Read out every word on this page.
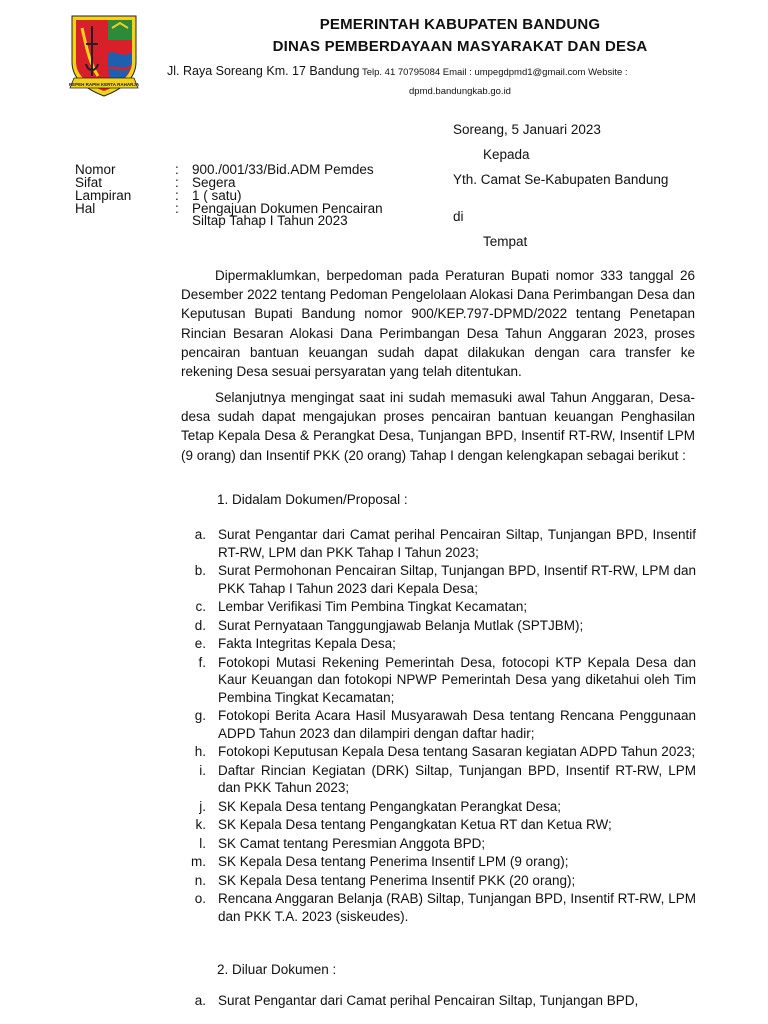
REPEH RAPIH KERTA RAHARJA
PEMERINTAH KABUPATEN BANDUNG
DINAS PEMBERDAYAAN MASYARAKAT DAN DESA
Jl. Raya Soreang Km. 17 Bandung Telp. 41 70795084 Email : umpegdpmd1@gmail.com Website :
dpmd.bandungkab.go.id
Soreang, 5 Januari 2023
Kepada
Yth. Camat Se-Kabupaten Bandung
di
Tempat
Nomor	: 900./001/33/Bid.ADM Pemdes
Sifat	: Segera
Lampiran	: 1 ( satu)
Hal	: Pengajuan Dokumen Pencairan
Siltap Tahap I Tahun 2023
Dipermaklumkan, berpedoman pada Peraturan Bupati nomor 333 tanggal 26 Desember 2022 tentang Pedoman Pengelolaan Alokasi Dana Perimbangan Desa dan Keputusan Bupati Bandung nomor 900/KEP.797-DPMD/2022 tentang Penetapan Rincian Besaran Alokasi Dana Perimbangan Desa Tahun Anggaran 2023, proses pencairan bantuan keuangan sudah dapat dilakukan dengan cara transfer ke rekening Desa sesuai persyaratan yang telah ditentukan.
Selanjutnya mengingat saat ini sudah memasuki awal Tahun Anggaran, Desa-desa sudah dapat mengajukan proses pencairan bantuan keuangan Penghasilan Tetap Kepala Desa & Perangkat Desa, Tunjangan BPD, Insentif RT-RW, Insentif LPM (9 orang) dan Insentif PKK (20 orang) Tahap I dengan kelengkapan sebagai berikut :
1. Didalam Dokumen/Proposal :
a. Surat Pengantar dari Camat perihal Pencairan Siltap, Tunjangan BPD, Insentif RT-RW, LPM dan PKK Tahap I Tahun 2023;
b. Surat Permohonan Pencairan Siltap, Tunjangan BPD, Insentif RT-RW, LPM dan PKK Tahap I Tahun 2023 dari Kepala Desa;
c. Lembar Verifikasi Tim Pembina Tingkat Kecamatan;
d. Surat Pernyataan Tanggungjawab Belanja Mutlak (SPTJBM);
e. Fakta Integritas Kepala Desa;
f. Fotokopi Mutasi Rekening Pemerintah Desa, fotocopi KTP Kepala Desa dan Kaur Keuangan dan fotokopi NPWP Pemerintah Desa yang diketahui oleh Tim Pembina Tingkat Kecamatan;
g. Fotokopi Berita Acara Hasil Musyarawah Desa tentang Rencana Penggunaan ADPD Tahun 2023 dan dilampiri dengan daftar hadir;
h. Fotokopi Keputusan Kepala Desa tentang Sasaran kegiatan ADPD Tahun 2023;
i. Daftar Rincian Kegiatan (DRK) Siltap, Tunjangan BPD, Insentif RT-RW, LPM dan PKK Tahun 2023;
j. SK Kepala Desa tentang Pengangkatan Perangkat Desa;
k. SK Kepala Desa tentang Pengangkatan Ketua RT dan Ketua RW;
l. SK Camat tentang Peresmian Anggota BPD;
m. SK Kepala Desa tentang Penerima Insentif LPM (9 orang);
n. SK Kepala Desa tentang Penerima Insentif PKK (20 orang);
o. Rencana Anggaran Belanja (RAB) Siltap, Tunjangan BPD, Insentif RT-RW, LPM dan PKK T.A. 2023 (siskeudes).
2. Diluar Dokumen :
a. Surat Pengantar dari Camat perihal Pencairan Siltap, Tunjangan BPD,
